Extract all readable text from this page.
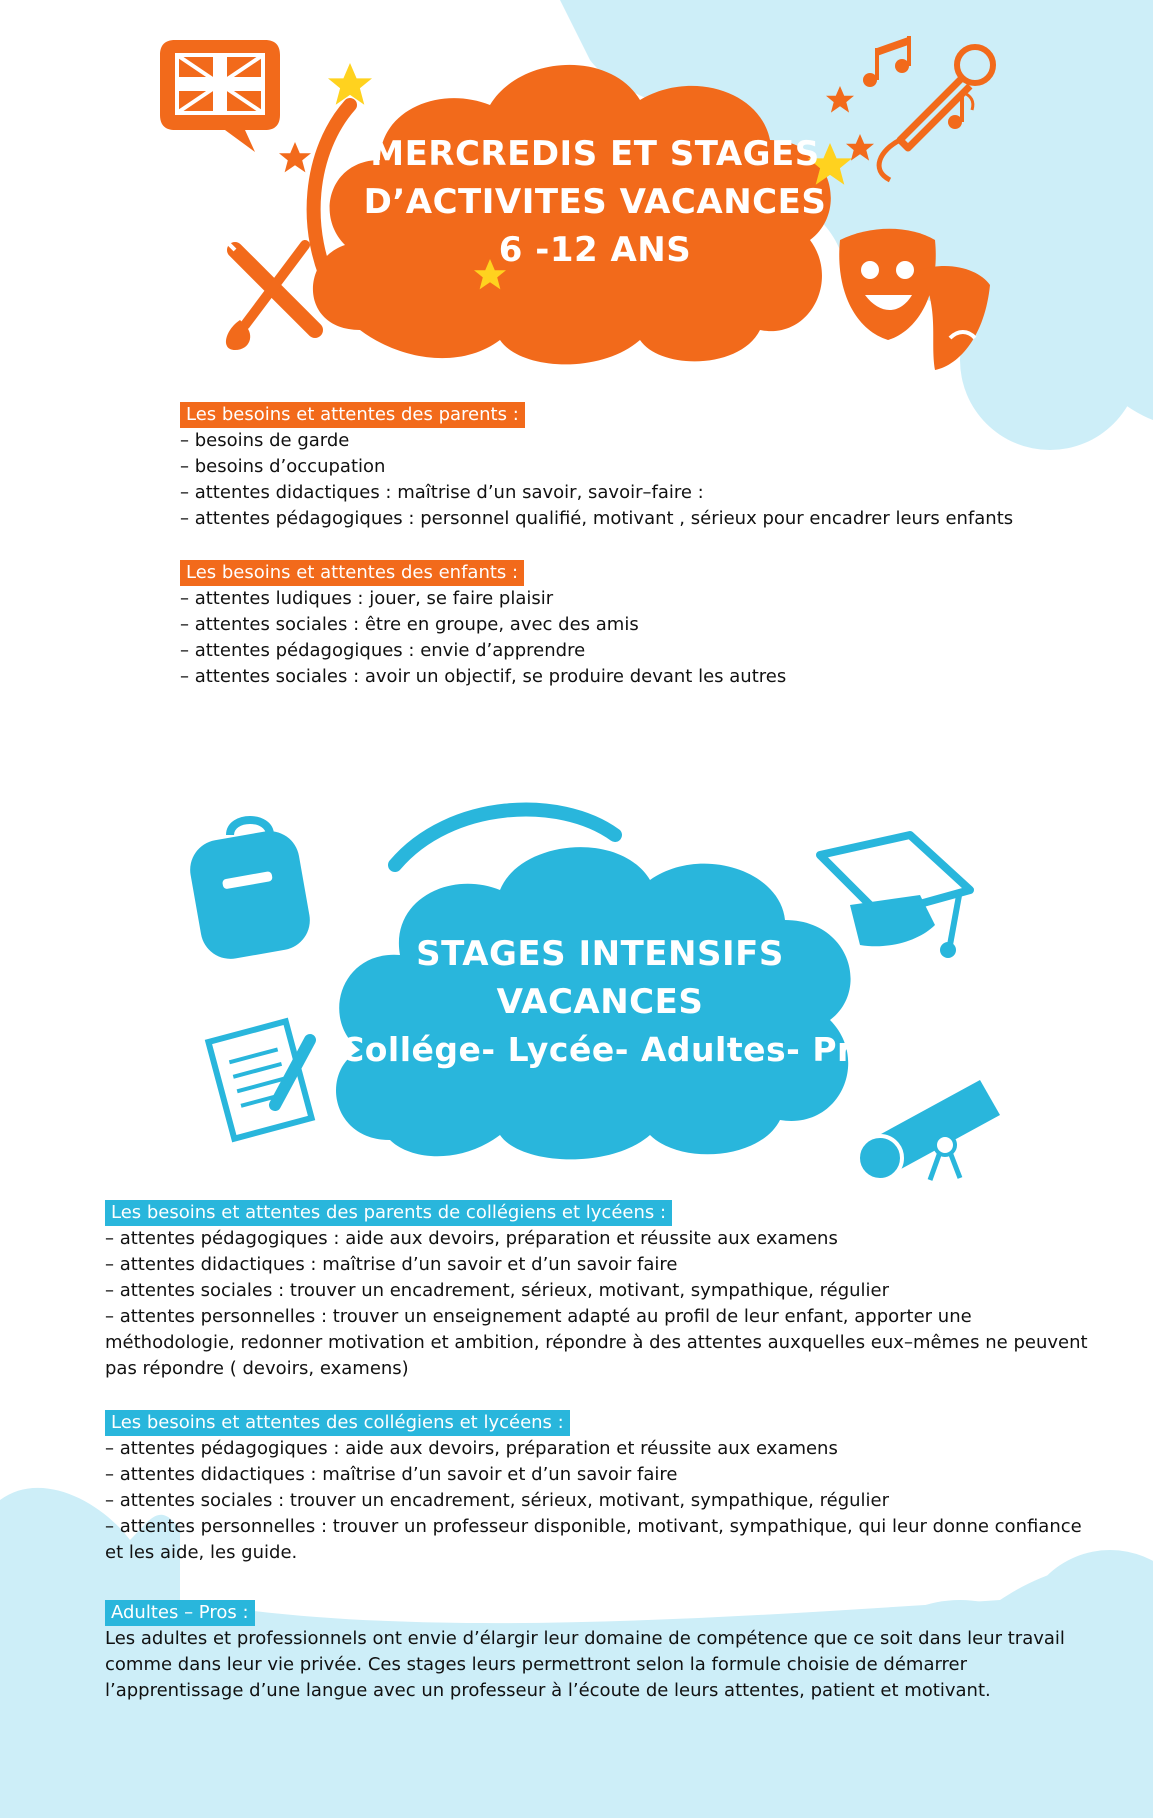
MERCREDIS ET STAGES
D’ACTIVITES VACANCES
6 -12 ANS
Les besoins et attentes des parents :
– besoins de garde
– besoins d’occupation
– attentes didactiques : maîtrise d’un savoir, savoir–faire :
– attentes pédagogiques : personnel qualifié, motivant , sérieux pour encadrer leurs enfants
Les besoins et attentes des enfants :
– attentes ludiques : jouer, se faire plaisir
– attentes sociales : être en groupe, avec des amis
– attentes pédagogiques : envie d’apprendre
– attentes sociales : avoir un objectif, se produire devant les autres
STAGES INTENSIFS
VACANCES
Collége- Lycée- Adultes- Pros
Les besoins et attentes des parents de collégiens et lycéens :
– attentes pédagogiques : aide aux devoirs, préparation et réussite aux examens
– attentes didactiques : maîtrise d’un savoir et d’un savoir faire
– attentes sociales : trouver un encadrement, sérieux, motivant, sympathique, régulier
– attentes personnelles : trouver un enseignement adapté au profil de leur enfant, apporter une méthodologie, redonner motivation et ambition, répondre à des attentes auxquelles eux–mêmes ne peuvent pas répondre ( devoirs, examens)
Les besoins et attentes des collégiens et lycéens :
– attentes pédagogiques : aide aux devoirs, préparation et réussite aux examens
– attentes didactiques : maîtrise d’un savoir et d’un savoir faire
– attentes sociales : trouver un encadrement, sérieux, motivant, sympathique, régulier
– attentes personnelles : trouver un professeur disponible, motivant, sympathique, qui leur donne confiance et les aide, les guide.
Adultes – Pros :
Les adultes et professionnels ont envie d’élargir leur domaine de compétence que ce soit dans leur travail comme dans leur vie privée. Ces stages leurs permettront selon la formule choisie de démarrer l’apprentissage d’une langue avec un professeur à l’écoute de leurs attentes, patient et motivant.
